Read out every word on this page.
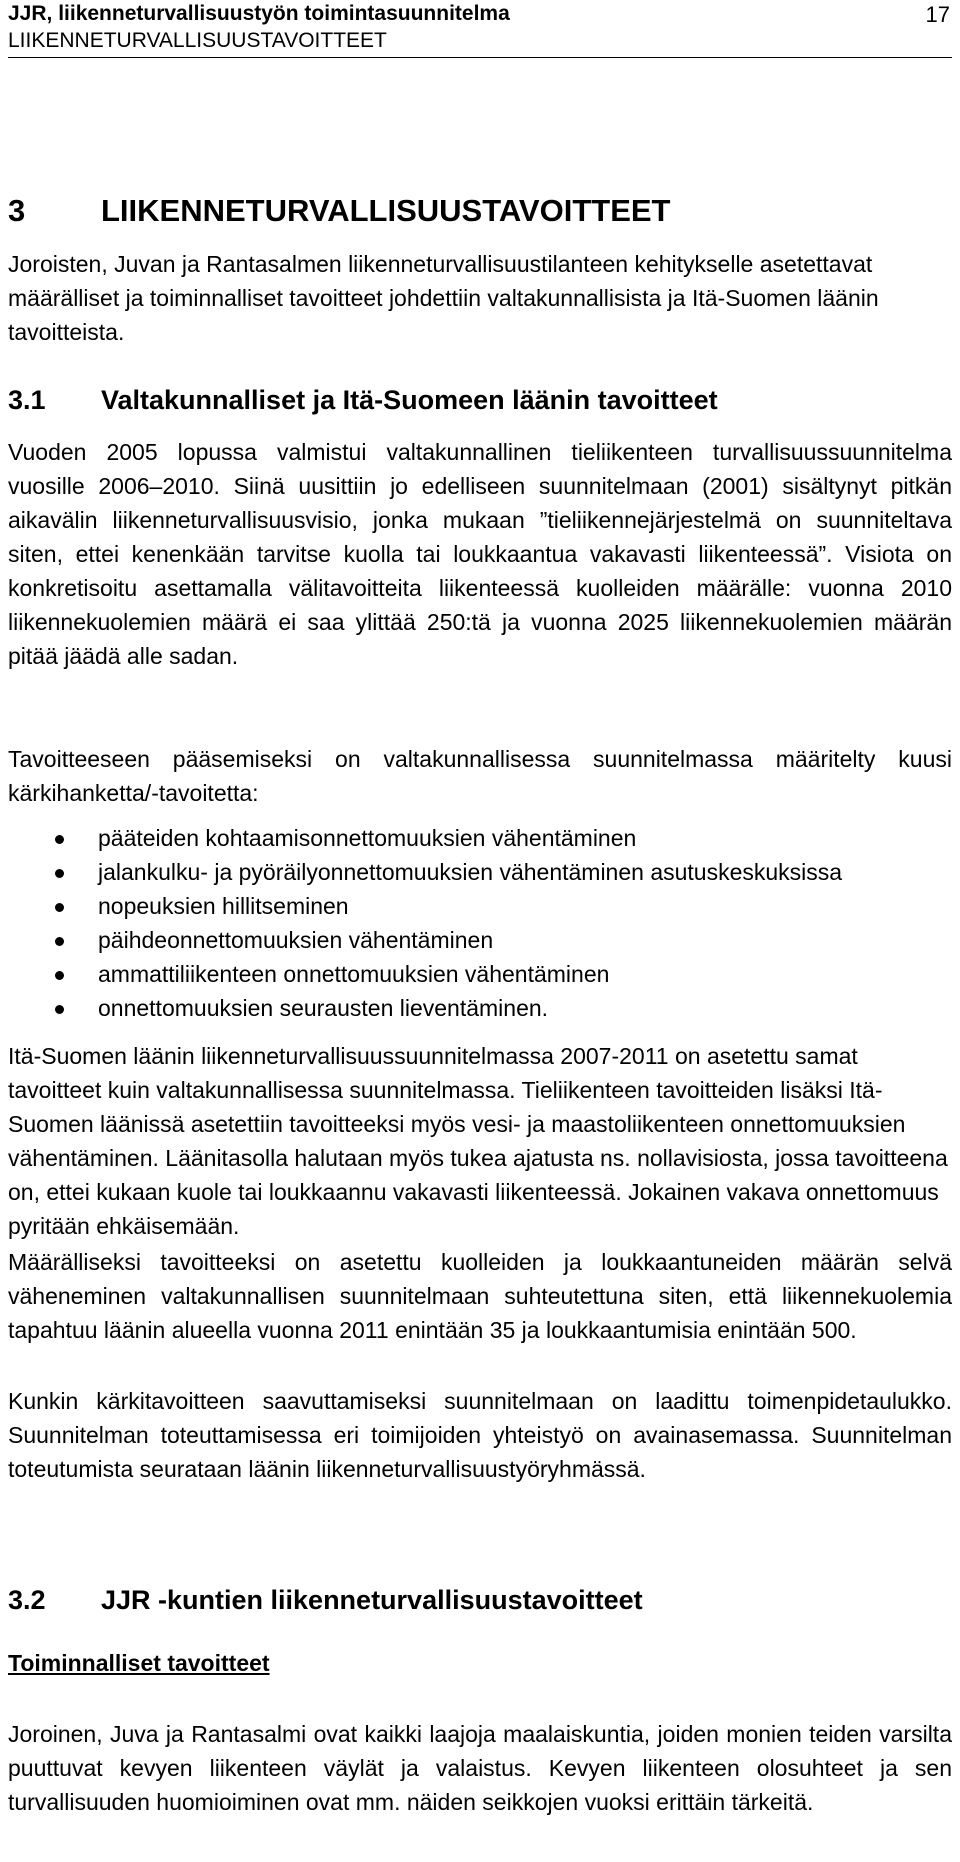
JJR, liikenneturvallisuustyön toimintasuunnitelma	17
LIIKENNETURVALLISUUSTAVOITTEET
3 LIIKENNETURVALLISUUSTAVOITTEET

Joroisten, Juvan ja Rantasalmen liikenneturvallisuustilanteen kehitykselle asetettavat määrälliset ja toiminnalliset tavoitteet johdettiin valtakunnallisista ja Itä-Suomen läänin tavoitteista.

3.1 Valtakunnalliset ja Itä-Suomeen läänin tavoitteet

Vuoden 2005 lopussa valmistui valtakunnallinen tieliikenteen turvallisuussuunnitelma vuosille 2006–2010. Siinä uusittiin jo edelliseen suunnitelmaan (2001) sisältynyt pitkän aikavälin liikenneturvallisuusvisio, jonka mukaan ”tieliikennejärjestelmä on suunniteltava siten, ettei kenenkään tarvitse kuolla tai loukkaantua vakavasti liikenteessä”. Visiota on konkretisoitu asettamalla välitavoitteita liikenteessä kuolleiden määrälle: vuonna 2010 liikennekuolemien määrä ei saa ylittää 250:tä ja vuonna 2025 liikennekuolemien määrän pitää jäädä alle sadan.

Tavoitteeseen pääsemiseksi on valtakunnallisessa suunnitelmassa määritelty kuusi kärkihanketta/-tavoitetta:

pääteiden kohtaamisonnettomuuksien vähentäminen
jalankulku- ja pyöräilyonnettomuuksien vähentäminen asutuskeskuksissa
nopeuksien hillitseminen
päihdeonnettomuuksien vähentäminen
ammattiliikenteen onnettomuuksien vähentäminen
onnettomuuksien seurausten lieventäminen.

Itä-Suomen läänin liikenneturvallisuussuunnitelmassa 2007-2011 on asetettu samat tavoitteet kuin valtakunnallisessa suunnitelmassa. Tieliikenteen tavoitteiden lisäksi Itä-Suomen läänissä asetettiin tavoitteeksi myös vesi- ja maastoliikenteen onnettomuuksien vähentäminen. Läänitasolla halutaan myös tukea ajatusta ns. nollavisiosta, jossa tavoitteena on, ettei kukaan kuole tai loukkaannu vakavasti liikenteessä. Jokainen vakava onnettomuus pyritään ehkäisemään.

Määrälliseksi tavoitteeksi on asetettu kuolleiden ja loukkaantuneiden määrän selvä väheneminen valtakunnallisen suunnitelmaan suhteutettuna siten, että liikennekuolemia tapahtuu läänin alueella vuonna 2011 enintään 35 ja loukkaantumisia enintään 500.

Kunkin kärkitavoitteen saavuttamiseksi suunnitelmaan on laadittu toimenpidetaulukko. Suunnitelman toteuttamisessa eri toimijoiden yhteistyö on avainasemassa. Suunnitelman toteutumista seurataan läänin liikenneturvallisuustyöryhmässä.

3.2 JJR -kuntien liikenneturvallisuustavoitteet
Toiminnalliset tavoitteet

Joroinen, Juva ja Rantasalmi ovat kaikki laajoja maalaiskuntia, joiden monien teiden varsilta puuttuvat kevyen liikenteen väylät ja valaistus. Kevyen liikenteen olosuhteet ja sen turvallisuuden huomioiminen ovat mm. näiden seikkojen vuoksi erittäin tärkeitä.
